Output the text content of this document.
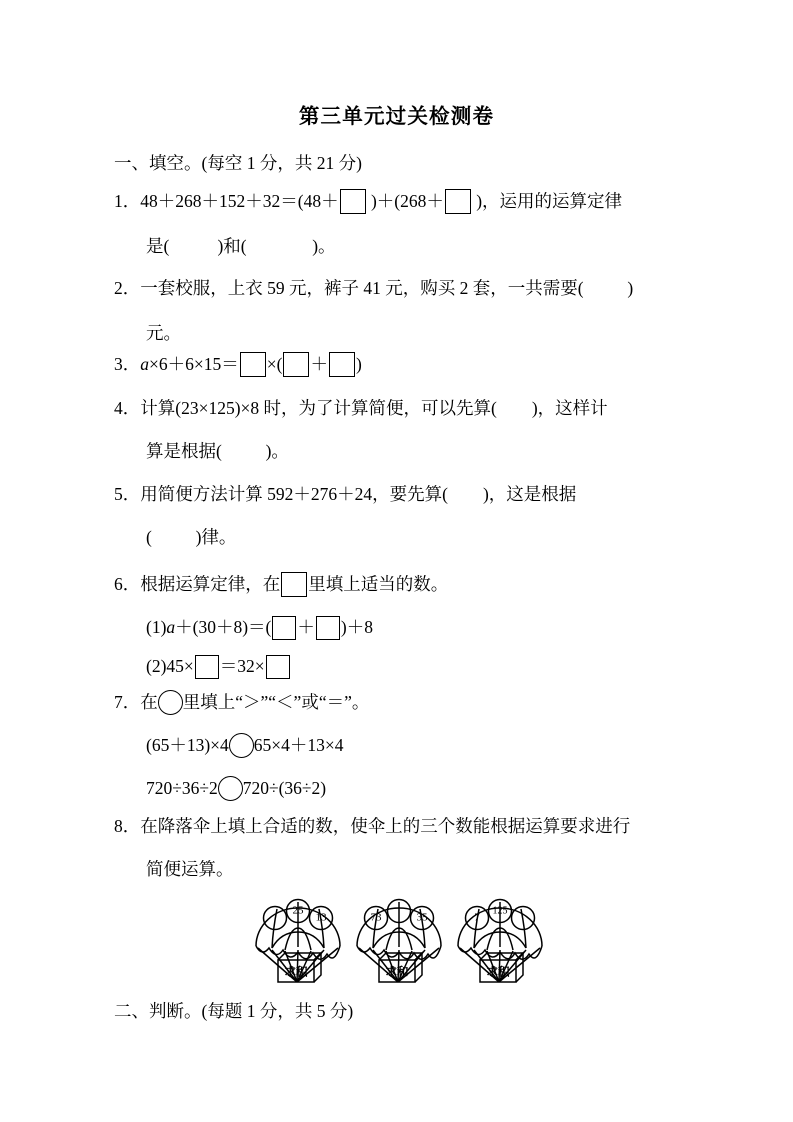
第三单元过关检测卷
一、填空。(每空 1 分，共 21 分)
1． 48＋268＋152＋32＝(48＋ )＋(268＋ )，运用的运算定律
是(
	)和(
	)。
2． 一套校服，上衣 59 元，裤子 41 元，购买 2 套，一共需要(
	)
元。
3． a ×6＋6×15＝ ×( ＋ )
4． 计算(23×125)×8 时，为了计算简便，可以先算(
)，这样计
算是根据(
	)。
5． 用简便方法计算 592＋276＋24，要先算(
)，这是根据
(
	)律。
6． 根据运算定律，在 里填上适当的数。
(1) a ＋(30＋8)＝( ＋ )＋8
(2)45× ＝32×
7． 在 里填上“＞”“＜”或“＝”。
(65＋13)×4 65×4＋13×4
720÷36÷2 720÷(36÷2)
8． 在降落伞上填上合适的数，使伞上的三个数能根据运算要求进行
简便运算。
25
13
求积
73	35
求和
7
125
求积
二、判断。(每题 1 分，共 5 分)
